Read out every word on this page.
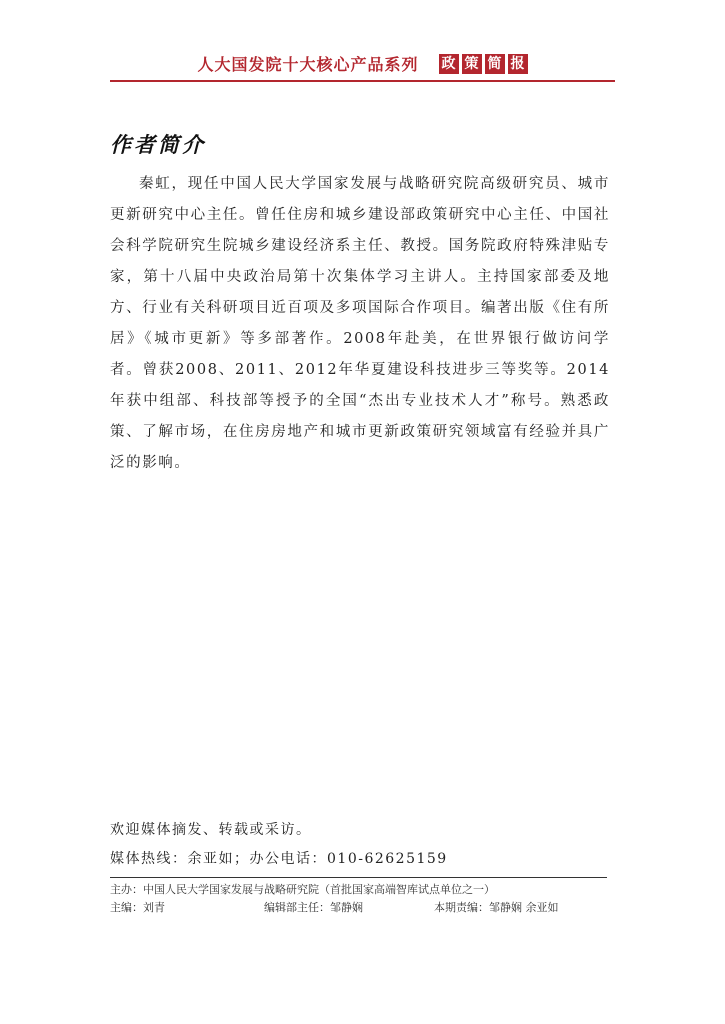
人大国发院十大核心产品系列 政 策 简 报
作者简介
秦虹，现任中国人民大学国家发展与战略研究院高级研究员、城市更新研究中心主任。曾任住房和城乡建设部政策研究中心主任、中国社会科学院研究生院城乡建设经济系主任、教授。国务院政府特殊津贴专家，第十八届中央政治局第十次集体学习主讲人。主持国家部委及地方、行业有关科研项目近百项及多项国际合作项目。编著出版《住有所居》《城市更新》等多部著作。2008年赴美，在世界银行做访问学者。曾获2008、2011、2012年华夏建设科技进步三等奖等。2014年获中组部、科技部等授予的全国“杰出专业技术人才”称号。熟悉政策、了解市场，在住房房地产和城市更新政策研究领域富有经验并具广泛的影响。
欢迎媒体摘发、转载或采访。
媒体热线：余亚如；办公电话：010-62625159
主办：中国人民大学国家发展与战略研究院（首批国家高端智库试点单位之一）
主编：刘青	编辑部主任：邹静娴	本期责编：邹静娴 余亚如
